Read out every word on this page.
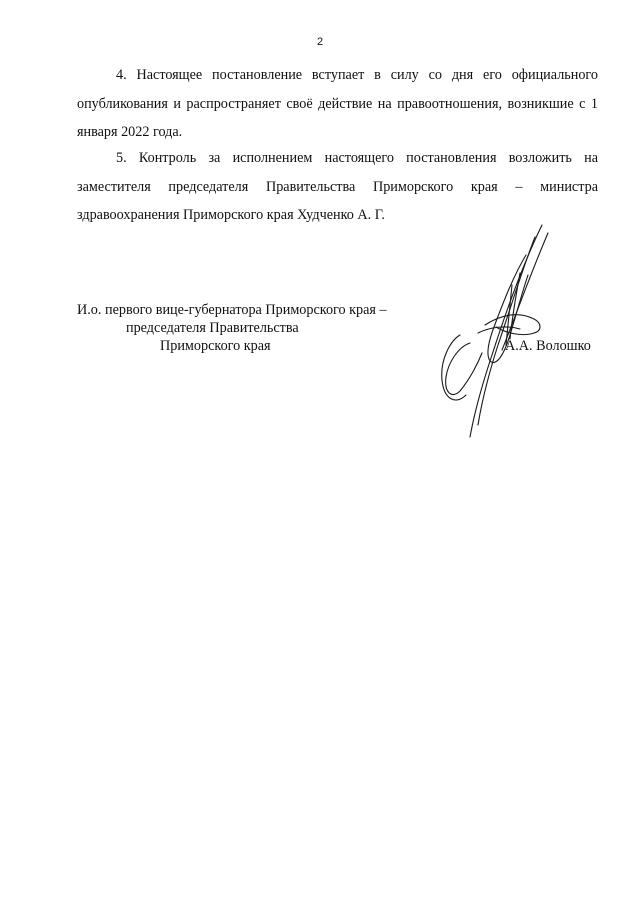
2
4. Настоящее постановление вступает в силу со дня его официального опубликования и распространяет своё действие на правоотношения, возникшие с 1 января 2022 года.
5. Контроль за исполнением настоящего постановления возложить на заместителя председателя Правительства Приморского края – министра здравоохранения Приморского края Худченко А. Г.
И.о. первого вице-губернатора Приморского края –
председателя Правительства
Приморского края	А.А. Волошко
